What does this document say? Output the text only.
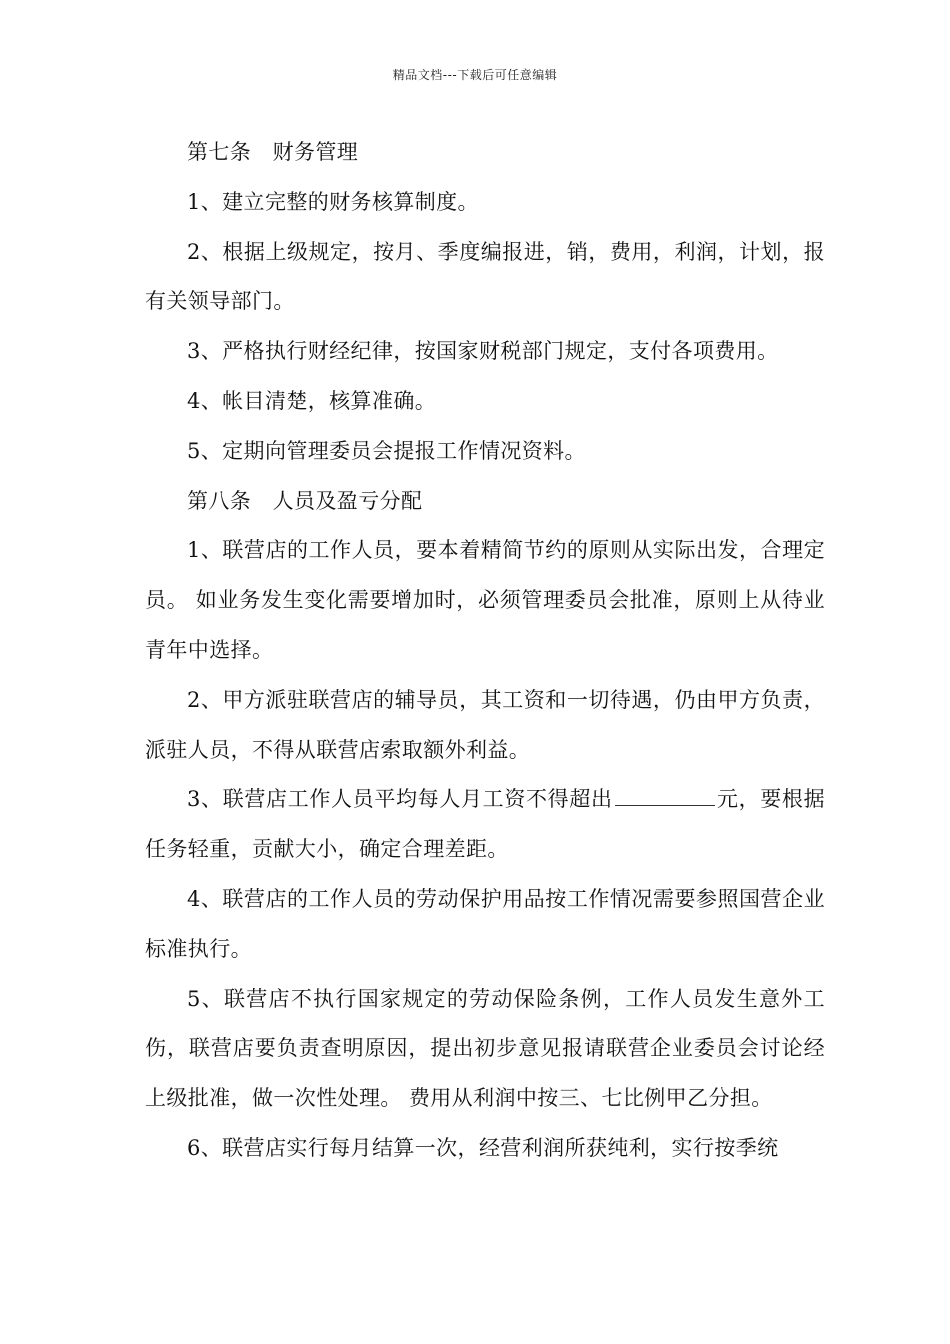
精品文档---下载后可任意编辑

第七条　财务管理

1、建立完整的财务核算制度。

2、根据上级规定，按月、季度编报进，销，费用，利润，计划，报有关领导部门。

3、严格执行财经纪律，按国家财税部门规定，支付各项费用。

4、帐目清楚，核算准确。

5、定期向管理委员会提报工作情况资料。

第八条　人员及盈亏分配

1、联营店的工作人员，要本着精简节约的原则从实际出发，合理定员。 如业务发生变化需要增加时，必须管理委员会批准，原则上从待业青年中选择。

2、甲方派驻联营店的辅导员，其工资和一切待遇，仍由甲方负责，派驻人员，不得从联营店索取额外利益。

3、联营店工作人员平均每人月工资不得超出	元，要根据任务轻重，贡献大小，确定合理差距。

4、联营店的工作人员的劳动保护用品按工作情况需要参照国营企业标准执行。

5、联营店不执行国家规定的劳动保险条例，工作人员发生意外工伤，联营店要负责查明原因，提出初步意见报请联营企业委员会讨论经上级批准，做一次性处理。 费用从利润中按三、七比例甲乙分担。

6、联营店实行每月结算一次，经营利润所获纯利，实行按季统
